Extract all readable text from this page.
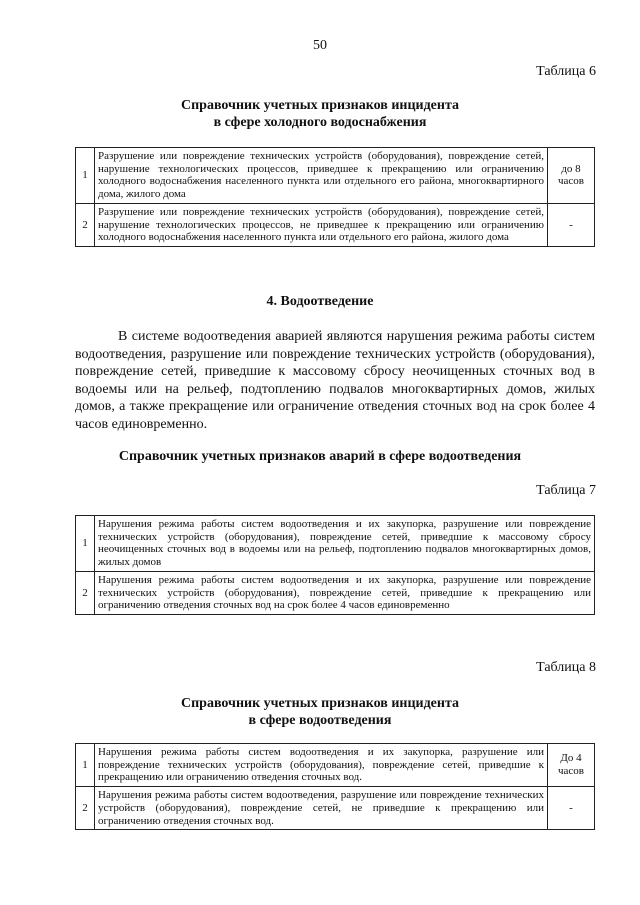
50
Таблица 6
Справочник учетных признаков инцидента
в сфере холодного водоснабжения
1	Разрушение или повреждение технических устройств (оборудования), повреждение сетей, нарушение технологических процессов, приведшее к прекращению или ограничению холодного водоснабжения населенного пункта или отдельного его района, многоквартирного дома, жилого дома	до 8
часов

2	Разрушение или повреждение технических устройств (оборудования), повреждение сетей, нарушение технологических процессов, не приведшее к прекращению или ограничению холодного водоснабжения населенного пункта или отдельного его района, жилого дома	-
4. Водоотведение
В системе водоотведения аварией являются нарушения режима работы систем водоотведения, разрушение или повреждение технических устройств (оборудования), повреждение сетей, приведшие к массовому сбросу неочищенных сточных вод в водоемы или на рельеф, подтоплению подвалов многоквартирных домов, жилых домов, а также прекращение или ограничение отведения сточных вод на срок более 4 часов единовременно.
Справочник учетных признаков аварий в сфере водоотведения
Таблица 7
1	Нарушения режима работы систем водоотведения и их закупорка, разрушение или повреждение технических устройств (оборудования), повреждение сетей, приведшие к массовому сбросу неочищенных сточных вод в водоемы или на рельеф, подтоплению подвалов многоквартирных домов, жилых домов
2	Нарушения режима работы систем водоотведения и их закупорка, разрушение или повреждение технических устройств (оборудования), повреждение сетей, приведшие к прекращению или ограничению отведения сточных вод на срок более 4 часов единовременно
Таблица 8
Справочник учетных признаков инцидента
в сфере водоотведения
1	Нарушения режима работы систем водоотведения и их закупорка, разрушение или повреждение технических устройств (оборудования), повреждение сетей, приведшие к прекращению или ограничению отведения сточных вод.	До 4
часов

2	Нарушения режима работы систем водоотведения, разрушение или повреждение технических устройств (оборудования), повреждение сетей, не приведшие к прекращению или ограничению отведения сточных вод.	-
